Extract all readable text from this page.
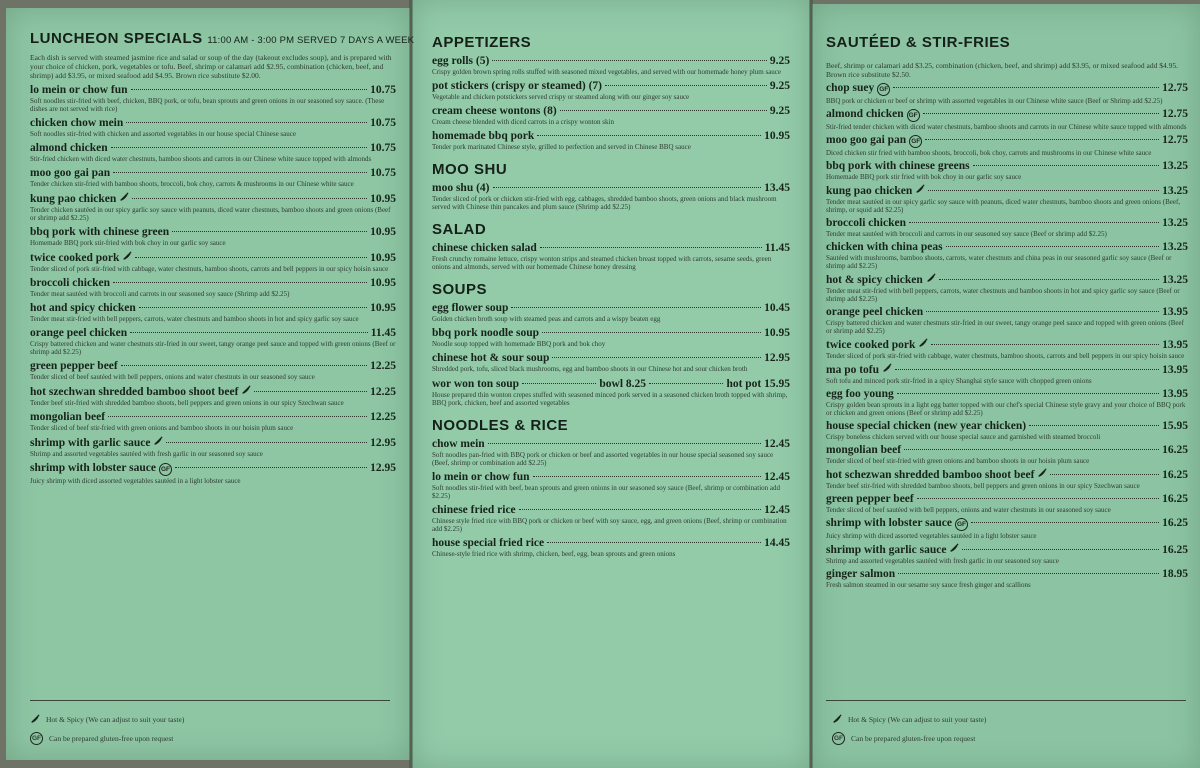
LUNCHEON SPECIALS 11:00 AM - 3:00 PM SERVED 7 DAYS A WEEK
Each dish is served with steamed jasmine rice and salad or soup of the day (takeout excludes soup), and is prepared with your choice of chicken, pork, vegetables or tofu. Beef, shrimp or calamari add $2.95, combination (chicken, beef, and shrimp) add $3.95, or mixed seafood add $4.95. Brown rice substitute $2.00.
lo mein or chow fun	10.75
Soft noodles stir-fried with beef, chicken, BBQ pork, or tofu, bean sprouts and green onions in our seasoned soy sauce. (These dishes are not served with rice)
chicken chow mein	10.75
Soft noodles stir-fried with chicken and assorted vegetables in our house special Chinese sauce
almond chicken	10.75
Stir-fried chicken with diced water chestnuts, bamboo shoots and carrots in our Chinese white sauce topped with almonds
moo goo gai pan	10.75
Tender chicken stir-fried with bamboo shoots, broccoli, bok choy, carrots & mushrooms in our Chinese white sauce
kung pao chicken	10.95
Tender chicken sautéed in our spicy garlic soy sauce with peanuts, diced water chestnuts, bamboo shoots and green onions (Beef or shrimp add $2.25)
bbq pork with chinese green	10.95
Homemade BBQ pork stir-fried with bok choy in our garlic soy sauce
twice cooked pork	10.95
Tender sliced of pork stir-fried with cabbage, water chestnuts, bamboo shoots, carrots and bell peppers in our spicy hoisin sauce
broccoli chicken	10.95
Tender meat sautéed with broccoli and carrots in our seasoned soy sauce (Shrimp add $2.25)
hot and spicy chicken	10.95
Tender meat stir-fried with bell peppers, carrots, water chestnuts and bamboo shoots in hot and spicy garlic soy sauce
orange peel chicken	11.45
Crispy battered chicken and water chestnuts stir-fried in our sweet, tangy orange peel sauce and topped with green onions (Beef or shrimp add $2.25)
green pepper beef	12.25
Tender sliced of beef sautéed with bell peppers, onions and water chestnuts in our seasoned soy sauce
hot szechwan shredded bamboo shoot beef	12.25
Tender beef stir-fried with shredded bamboo shoots, bell peppers and green onions in our spicy Szechwan sauce
mongolian beef	12.25
Tender sliced of beef stir-fried with green onions and bamboo shoots in our hoisin plum sauce
shrimp with garlic sauce	12.95
Shrimp and assorted vegetables sautéed with fresh garlic in our seasoned soy sauce
shrimp with lobster sauce GF	12.95
Juicy shrimp with diced assorted vegetables sautéed in a light lobster sauce
Hot & Spicy (We can adjust to suit your taste)
GF Can be prepared gluten-free upon request
APPETIZERS
egg rolls (5)	9.25
Crispy golden brown spring rolls stuffed with seasoned mixed vegetables, and served with our homemade honey plum sauce
pot stickers (crispy or steamed) (7)	9.25
Vegetable and chicken potstickers served crispy or steamed along with our ginger soy sauce
cream cheese wontons (8)	9.25
Cream cheese blended with diced carrots in a crispy wonton skin
homemade bbq pork	10.95
Tender pork marinated Chinese style, grilled to perfection and served in Chinese BBQ sauce
MOO SHU
moo shu (4)	13.45
Tender sliced of pork or chicken stir-fried with egg, cabbages, shredded bamboo shoots, green onions and black mushroom served with Chinese thin pancakes and plum sauce (Shrimp add $2.25)
SALAD
chinese chicken salad	11.45
Fresh crunchy romaine lettuce, crispy wonton strips and steamed chicken breast topped with carrots, sesame seeds, green onions and almonds, served with our homemade Chinese honey dressing
SOUPS
egg flower soup	10.45
Golden chicken broth soup with steamed peas and carrots and a wispy beaten egg
bbq pork noodle soup	10.95
Noodle soup topped with homemade BBQ pork and bok choy
chinese hot & sour soup	12.95
Shredded pork, tofu, sliced black mushrooms, egg and bamboo shoots in our Chinese hot and sour chicken broth
wor won ton soup	bowl 8.25	hot pot 15.95
House prepared thin wonton crepes stuffed with seasoned minced pork served in a seasoned chicken broth topped with shrimp, BBQ pork, chicken, beef and assorted vegetables
NOODLES & RICE
chow mein	12.45
Soft noodles pan-fried with BBQ pork or chicken or beef and assorted vegetables in our house special seasoned soy sauce (Beef, shrimp or combination add $2.25)
lo mein or chow fun	12.45
Soft noodles stir-fried with beef, bean sprouts and green onions in our seasoned soy sauce (Beef, shrimp or combination add $2.25)
chinese fried rice	12.45
Chinese style fried rice with BBQ pork or chicken or beef with soy sauce, egg, and green onions (Beef, shrimp or combination add $2.25)
house special fried rice	14.45
Chinese-style fried rice with shrimp, chicken, beef, egg, bean sprouts and green onions
SAUTÉED & STIR-FRIES
Beef, shrimp or calamari add $3.25, combination (chicken, beef, and shrimp) add $3.95, or mixed seafood add $4.95. Brown rice substitute $2.50.
chop suey GF	12.75
BBQ pork or chicken or beef or shrimp with assorted vegetables in our Chinese white sauce (Beef or Shrimp add $2.25)
almond chicken GF	12.75
Stir-fried tender chicken with diced water chestnuts, bamboo shoots and carrots in our Chinese white sauce topped with almonds
moo goo gai pan GF	12.75
Diced chicken stir fried with bamboo shoots, broccoli, bok choy, carrots and mushrooms in our Chinese white sauce
bbq pork with chinese greens	13.25
Homemade BBQ pork stir fried with bok choy in our garlic soy sauce
kung pao chicken	13.25
Tender meat sautéed in our spicy garlic soy sauce with peanuts, diced water chestnuts, bamboo shoots and green onions (Beef, shrimp, or squid add $2.25)
broccoli chicken	13.25
Tender meat sautéed with broccoli and carrots in our seasoned soy sauce (Beef or shrimp add $2.25)
chicken with china peas	13.25
Sautéed with mushrooms, bamboo shoots, carrots, water chestnuts and china peas in our seasoned garlic soy sauce (Beef or shrimp add $2.25)
hot & spicy chicken	13.25
Tender meat stir-fried with bell peppers, carrots, water chestnuts and bamboo shoots in hot and spicy garlic soy sauce (Beef or shrimp add $2.25)
orange peel chicken	13.95
Crispy battered chicken and water chestnuts stir-fried in our sweet, tangy orange peel sauce and topped with green onions (Beef or shrimp add $2.25)
twice cooked pork	13.95
Tender sliced of pork stir-fried with cabbage, water chestnuts, bamboo shoots, carrots and bell peppers in our spicy hoisin sauce
ma po tofu	13.95
Soft tofu and minced pork stir-fried in a spicy Shanghai style sauce with chopped green onions
egg foo young	13.95
Crispy golden bean sprouts in a light egg batter topped with our chef's special Chinese style gravy and your choice of BBQ pork or chicken and green onions (Beef or shrimp add $2.25)
house special chicken (new year chicken)	15.95
Crispy boneless chicken served with our house special sauce and garnished with steamed broccoli
mongolian beef	16.25
Tender sliced of beef stir-fried with green onions and bamboo shoots in our hoisin plum sauce
hot schezwan shredded bamboo shoot beef	16.25
Tender beef stir-fried with shredded bamboo shoots, bell peppers and green onions in our spicy Szechwan sauce
green pepper beef	16.25
Tender sliced of beef sautéed with bell peppers, onions and water chestnuts in our seasoned soy sauce
shrimp with lobster sauce GF	16.25
Juicy shrimp with diced assorted vegetables sautéed in a light lobster sauce
shrimp with garlic sauce	16.25
Shrimp and assorted vegetables sautéed with fresh garlic in our seasoned soy sauce
ginger salmon	18.95
Fresh salmon steamed in our sesame soy sauce fresh ginger and scallions
Hot & Spicy (We can adjust to suit your taste)
GF Can be prepared gluten-free upon request
